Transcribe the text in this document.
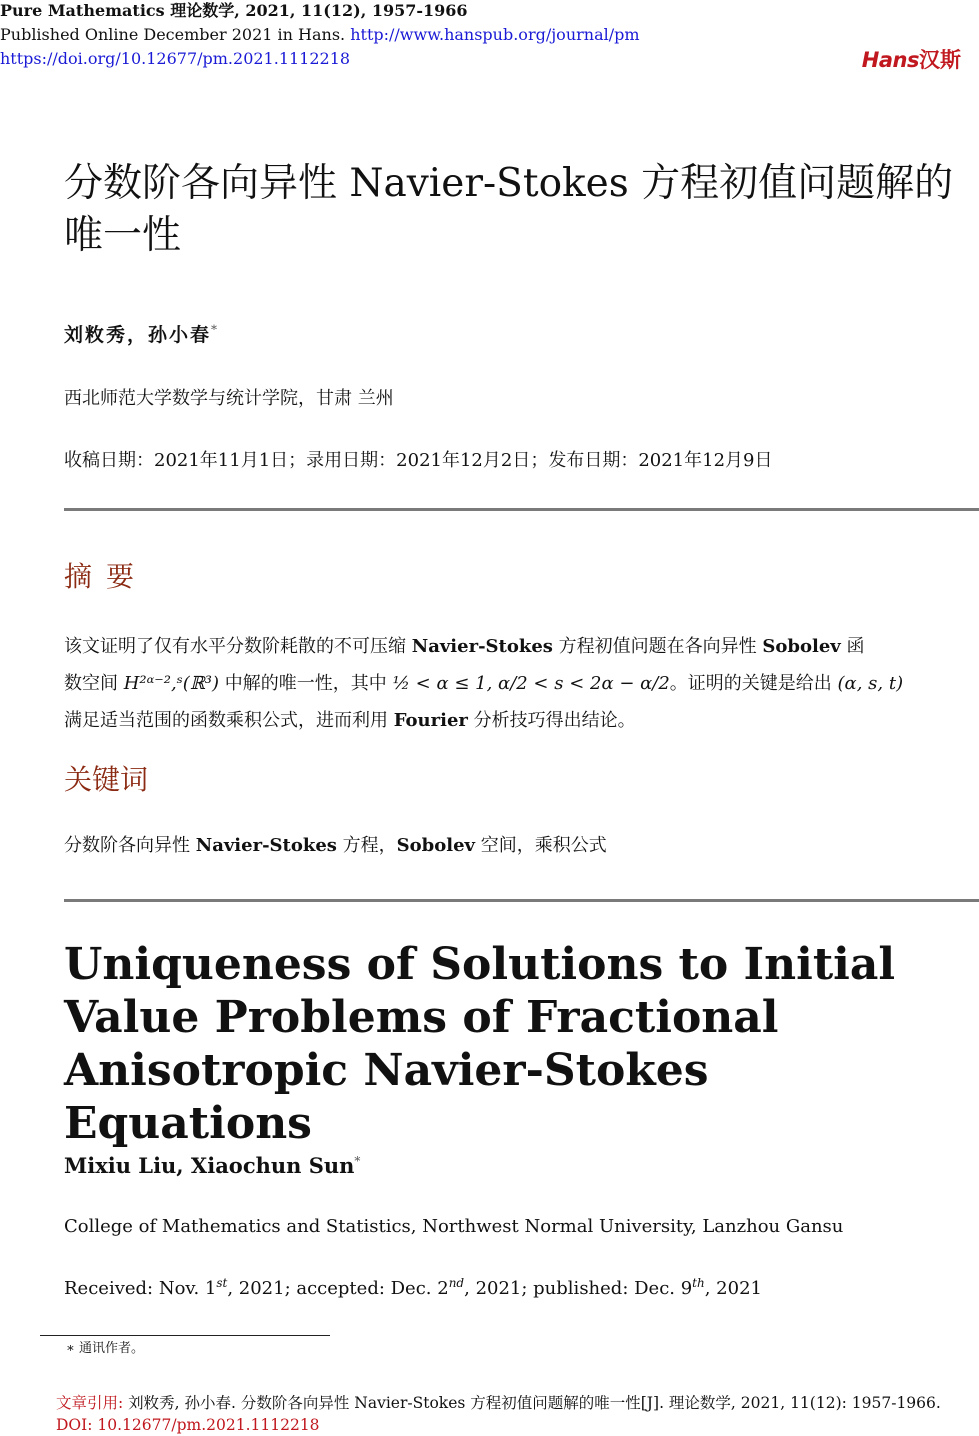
Pure Mathematics 理论数学, 2021, 11(12), 1957-1966
Published Online December 2021 in Hans. http://www.hanspub.org/journal/pm
https://doi.org/10.12677/pm.2021.1112218	Hans汉斯
分数阶各向异性 Navier-Stokes 方程初值问题解的唯一性
刘敉秀，孙小春*
西北师范大学数学与统计学院，甘肃 兰州
收稿日期：2021年11月1日；录用日期：2021年12月2日；发布日期：2021年12月9日
摘要
该文证明了仅有水平分数阶耗散的不可压缩 Navier-Stokes 方程初值问题在各向异性 Sobolev 函
数空间 H²ᵅ⁻²,ˢ(ℝ³) 中解的唯一性，其中 ½ < α ≤ 1, α/2 < s < 2α − α/2。证明的关键是给出 (α, s, t)
满足适当范围的函数乘积公式，进而利用 Fourier 分析技巧得出结论。
关键词
分数阶各向异性 Navier-Stokes 方程，Sobolev 空间，乘积公式
Uniqueness of Solutions to Initial Value Problems of Fractional Anisotropic Navier-Stokes Equations
Mixiu Liu, Xiaochun Sun*
College of Mathematics and Statistics, Northwest Normal University, Lanzhou Gansu
Received: Nov. 1st, 2021; accepted: Dec. 2nd, 2021; published: Dec. 9th, 2021
∗ 通讯作者。
文章引用: 刘敉秀, 孙小春. 分数阶各向异性 Navier-Stokes 方程初值问题解的唯一性[J]. 理论数学, 2021, 11(12): 1957-1966. DOI: 10.12677/pm.2021.1112218
